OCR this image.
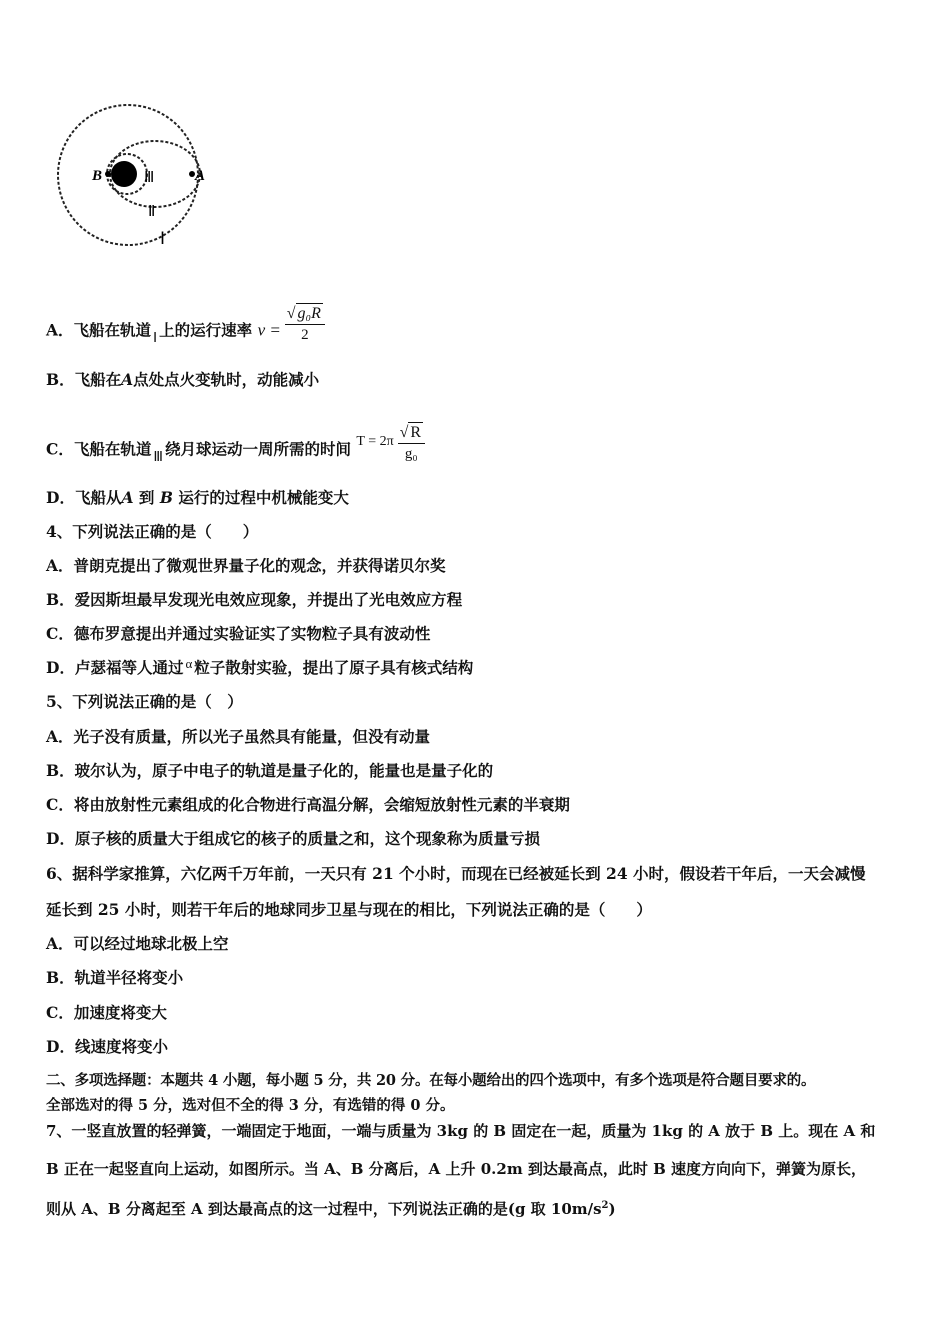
B	A
Ⅲ
Ⅱ
Ⅰ
A．飞船在轨道 Ⅰ 上的运行速率 $v = \frac{\text{√ g₀R}}{2}$
B．飞船在A点处点火变轨时，动能减小
C．飞船在轨道 Ⅲ 绕月球运动一周所需的时间 $T = 2\pi \frac{√ R}{\text{g₀}}$
D．飞船从A 到 B 运行的过程中机械能变大
4、下列说法正确的是（　　）
A．普朗克提出了微观世界量子化的观念，并获得诺贝尔奖
B．爱因斯坦最早发现光电效应现象，并提出了光电效应方程
C．德布罗意提出并通过实验证实了实物粒子具有波动性
D．卢瑟福等人通过 $^\alpha$ 粒子散射实验，提出了原子具有核式结构
5、下列说法正确的是（　）
A．光子没有质量，所以光子虽然具有能量，但没有动量
B．玻尔认为，原子中电子的轨道是量子化的，能量也是量子化的
C．将由放射性元素组成的化合物进行高温分解，会缩短放射性元素的半衰期
D．原子核的质量大于组成它的核子的质量之和，这个现象称为质量亏损
6、据科学家推算，六亿两千万年前，一天只有 21 个小时，而现在已经被延长到 24 小时，假设若干年后，一天会减慢
延长到 25 小时，则若干年后的地球同步卫星与现在的相比，下列说法正确的是（　　）
A．可以经过地球北极上空
B．轨道半径将变小
C．加速度将变大
D．线速度将变小
二、多项选择题：本题共 4 小题，每小题 5 分，共 20 分。在每小题给出的四个选项中，有多个选项是符合题目要求的。
全部选对的得 5 分，选对但不全的得 3 分，有选错的得 0 分。
7、一竖直放置的轻弹簧，一端固定于地面，一端与质量为 3kg 的 B 固定在一起，质量为 1kg 的 A 放于 B 上。现在 A 和
B 正在一起竖直向上运动，如图所示。当 A、B 分离后，A 上升 0.2m 到达最高点，此时 B 速度方向向下，弹簧为原长，
则从 A、B 分离起至 A 到达最高点的这一过程中，下列说法正确的是(g 取 $10m/s^2$)
